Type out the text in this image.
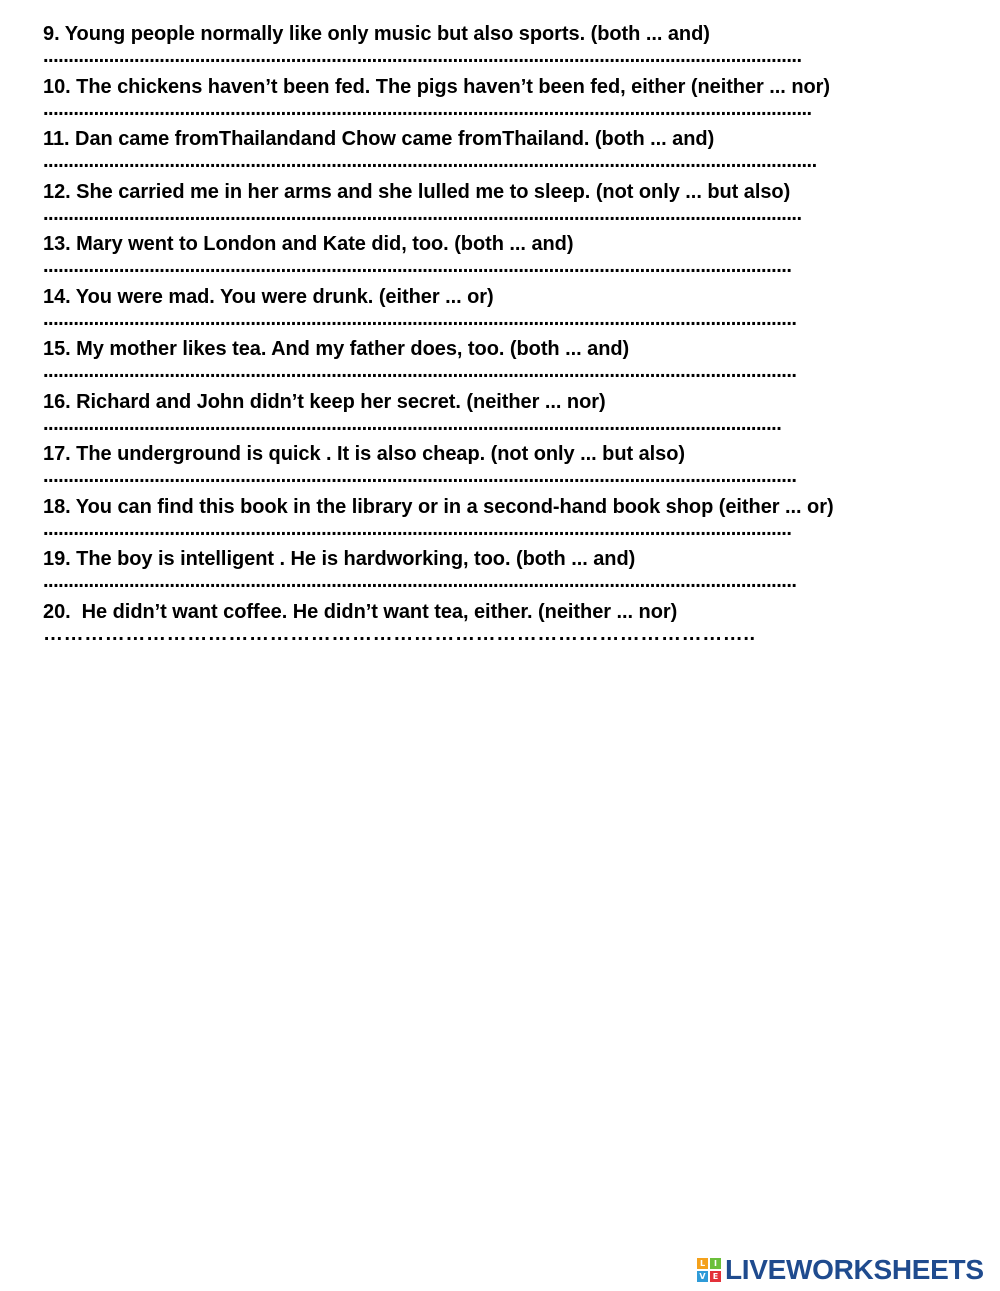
9. Young people normally like only music but also sports. (both ... and)
......................................................................................................................................................
10. The chickens haven’t been fed. The pigs haven’t been fed, either (neither ... nor)
........................................................................................................................................................
11. Dan came fromThailandand Chow came fromThailand. (both ... and)
.........................................................................................................................................................
12. She carried me in her arms and she lulled me to sleep. (not only ... but also)
......................................................................................................................................................
13. Mary went to London and Kate did, too. (both ... and)
....................................................................................................................................................
14. You were mad. You were drunk. (either ... or)
.....................................................................................................................................................
15. My mother likes tea. And my father does, too. (both ... and)
.....................................................................................................................................................
16. Richard and John didn’t keep her secret. (neither ... nor)
..................................................................................................................................................
17. The underground is quick . It is also cheap. (not only ... but also)
.....................................................................................................................................................
18. You can find this book in the library or in a second-hand book shop (either ... or)
....................................................................................................................................................
19. The boy is intelligent . He is hardworking, too. (both ... and)
.....................................................................................................................................................
20.  He didn’t want coffee. He didn’t want tea, either. (neither ... nor)
…………………………………………………………………………………………..
L	I
V E LIVEWORKSHEETS
